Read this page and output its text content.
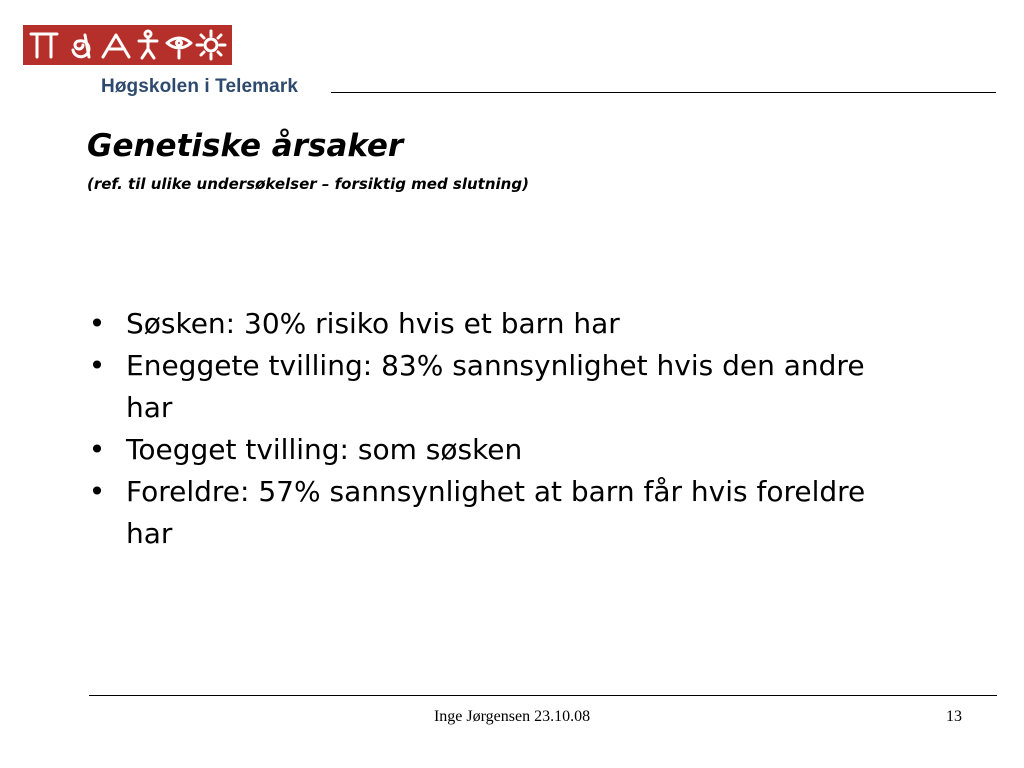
Høgskolen i Telemark
Genetiske årsaker

(ref. til ulike undersøkelser – forsiktig med slutning)

• Søsken: 30% risiko hvis et barn har
• Eneggete tvilling: 83% sannsynlighet hvis den andre har
• Toegget tvilling: som søsken
• Foreldre: 57% sannsynlighet at barn får hvis foreldre har
Inge Jørgensen 23.10.08	13
